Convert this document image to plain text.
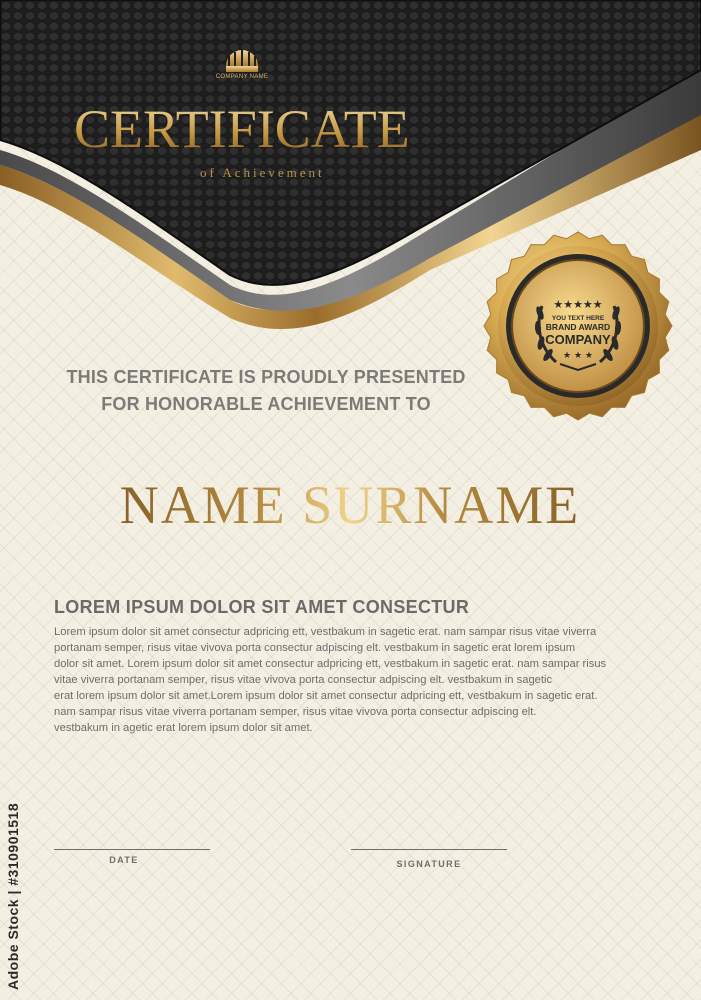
COMPANY NAME
CERTIFICATE
of Achievement
★★★★★
YOU TEXT HERE
BRAND AWARD
COMPANY
★ ★ ★
THIS CERTIFICATE IS PROUDLY PRESENTED
FOR HONORABLE ACHIEVEMENT TO
NAME SURNAME
LOREM IPSUM DOLOR SIT AMET CONSECTUR
Lorem ipsum dolor sit amet consectur adpricing ett, vestbakum in sagetic erat. nam sampar risus vitae viverra
portanam semper, risus vitae vivova porta consectur adpiscing elt. vestbakum in sagetic erat lorem ipsum
dolor sit amet. Lorem ipsum dolor sit amet consectur adpricing ett, vestbakum in sagetic erat. nam sampar risus
vitae viverra portanam semper, risus vitae vivova porta consectur adpiscing elt. vestbakum in sagetic
erat lorem ipsum dolor sit amet.Lorem ipsum dolor sit amet consectur adpricing ett, vestbakum in sagetic erat.
nam sampar risus vitae viverra portanam semper, risus vitae vivova porta consectur adpiscing elt.
vestbakum in agetic erat lorem ipsum dolor sit amet.
DATE	SIGNATURE
Adobe Stock | #310901518
